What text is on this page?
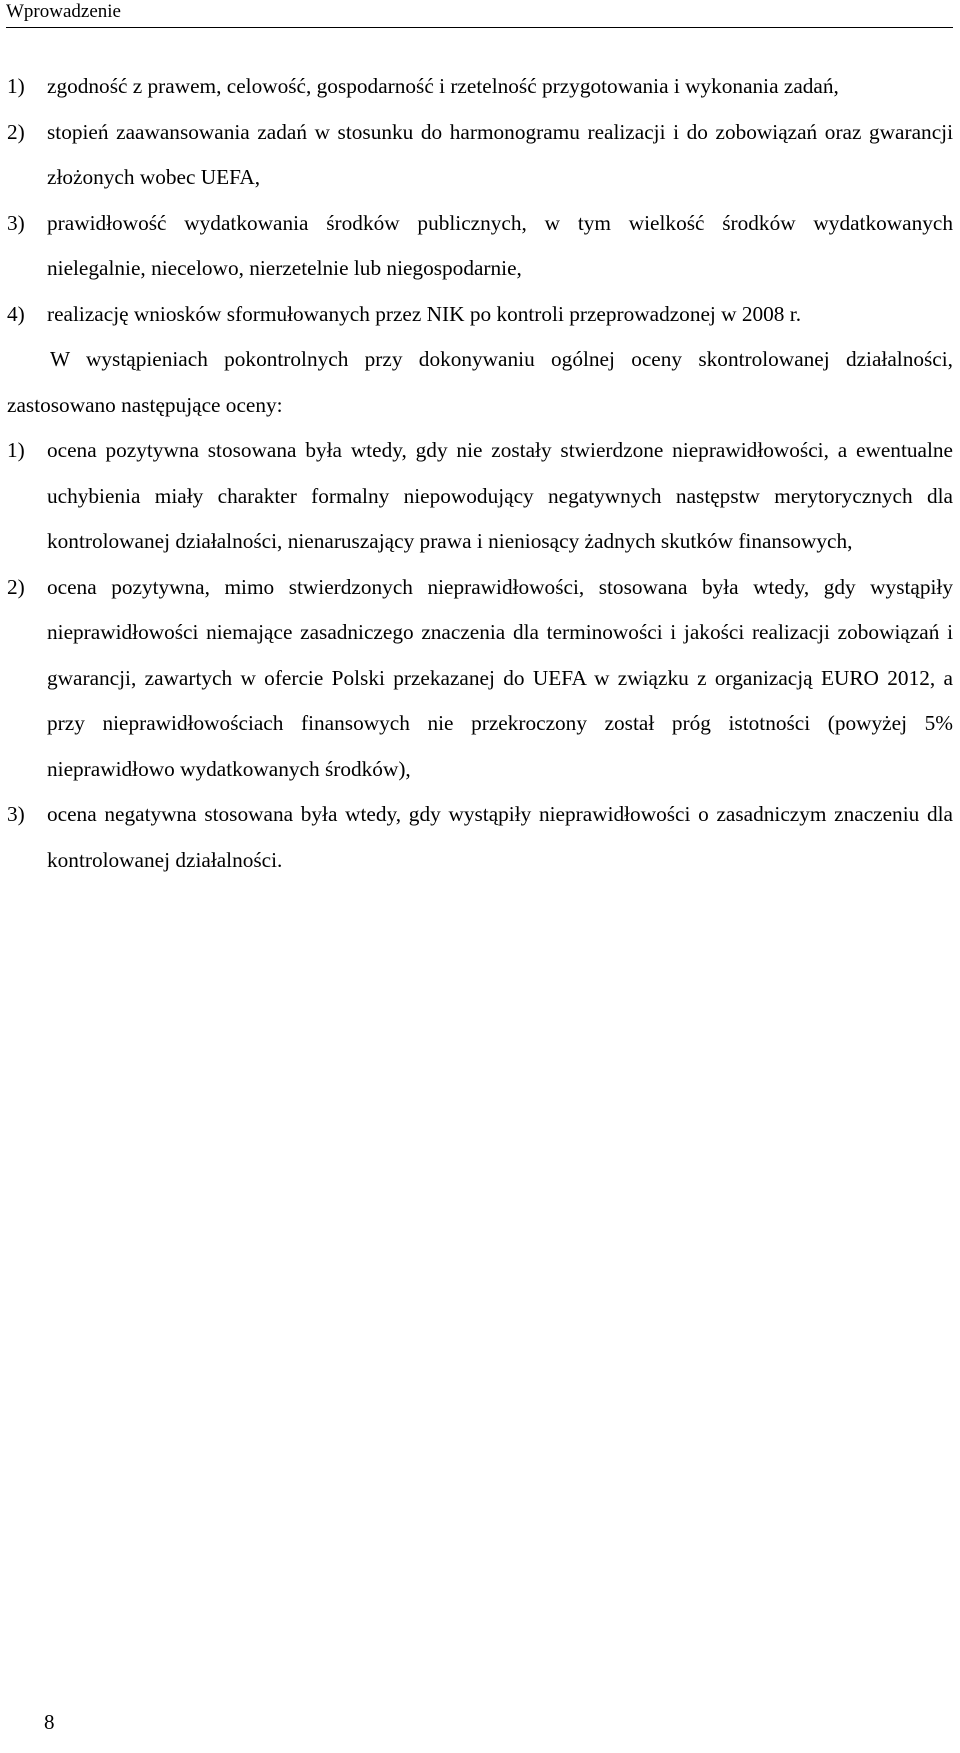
Wprowadzenie
1)	zgodność z prawem, celowość, gospodarność i rzetelność przygotowania i wykonania zadań,
2)	stopień zaawansowania zadań w stosunku do harmonogramu realizacji i do zobowiązań oraz gwarancji złożonych wobec UEFA,
3)	prawidłowość wydatkowania środków publicznych, w tym wielkość środków wydatkowanych nielegalnie, niecelowo, nierzetelnie lub niegospodarnie,
4)	realizację wniosków sformułowanych przez NIK po kontroli przeprowadzonej w 2008 r.

W wystąpieniach pokontrolnych przy dokonywaniu ogólnej oceny skontrolowanej działalności, zastosowano następujące oceny:

1)	ocena pozytywna stosowana była wtedy, gdy nie zostały stwierdzone nieprawidłowości, a ewentualne uchybienia miały charakter formalny niepowodujący negatywnych następstw merytorycznych dla kontrolowanej działalności, nienaruszający prawa i nieniosący żadnych skutków finansowych,
2)	ocena pozytywna, mimo stwierdzonych nieprawidłowości, stosowana była wtedy, gdy wystąpiły nieprawidłowości niemające zasadniczego znaczenia dla terminowości i jakości realizacji zobowiązań i gwarancji, zawartych w ofercie Polski przekazanej do UEFA w związku z organizacją EURO 2012, a przy nieprawidłowościach finansowych nie przekroczony został próg istotności (powyżej 5% nieprawidłowo wydatkowanych środków),
3)	ocena negatywna stosowana była wtedy, gdy wystąpiły nieprawidłowości o zasadniczym znaczeniu dla kontrolowanej działalności.
8
